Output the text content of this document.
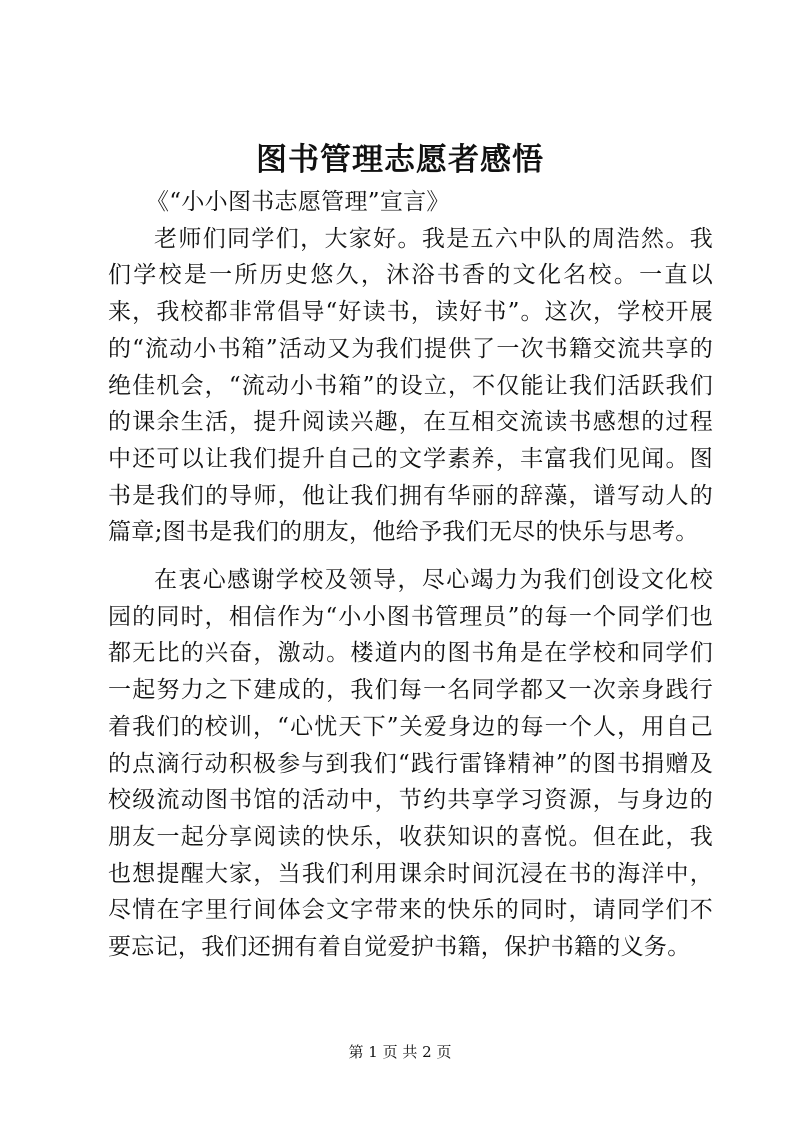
图书管理志愿者感悟

《“小小图书志愿管理”宣言》

老师们同学们，大家好。我是五六中队的周浩然。我们学校是一所历史悠久，沐浴书香的文化名校。一直以来，我校都非常倡导“好读书，读好书”。这次，学校开展的“流动小书箱”活动又为我们提供了一次书籍交流共享的绝佳机会，“流动小书箱”的设立，不仅能让我们活跃我们的课余生活，提升阅读兴趣，在互相交流读书感想的过程中还可以让我们提升自己的文学素养，丰富我们见闻。图书是我们的导师，他让我们拥有华丽的辞藻，谱写动人的篇章;图书是我们的朋友，他给予我们无尽的快乐与思考。

在衷心感谢学校及领导，尽心竭力为我们创设文化校园的同时，相信作为“小小图书管理员”的每一个同学们也都无比的兴奋，激动。楼道内的图书角是在学校和同学们一起努力之下建成的，我们每一名同学都又一次亲身践行着我们的校训，“心忧天下”关爱身边的每一个人，用自己的点滴行动积极参与到我们“践行雷锋精神”的图书捐赠及校级流动图书馆的活动中，节约共享学习资源，与身边的朋友一起分享阅读的快乐，收获知识的喜悦。但在此，我也想提醒大家，当我们利用课余时间沉浸在书的海洋中，尽情在字里行间体会文字带来的快乐的同时，请同学们不要忘记，我们还拥有着自觉爱护书籍，保护书籍的义务。

第 1 页 共 2 页
